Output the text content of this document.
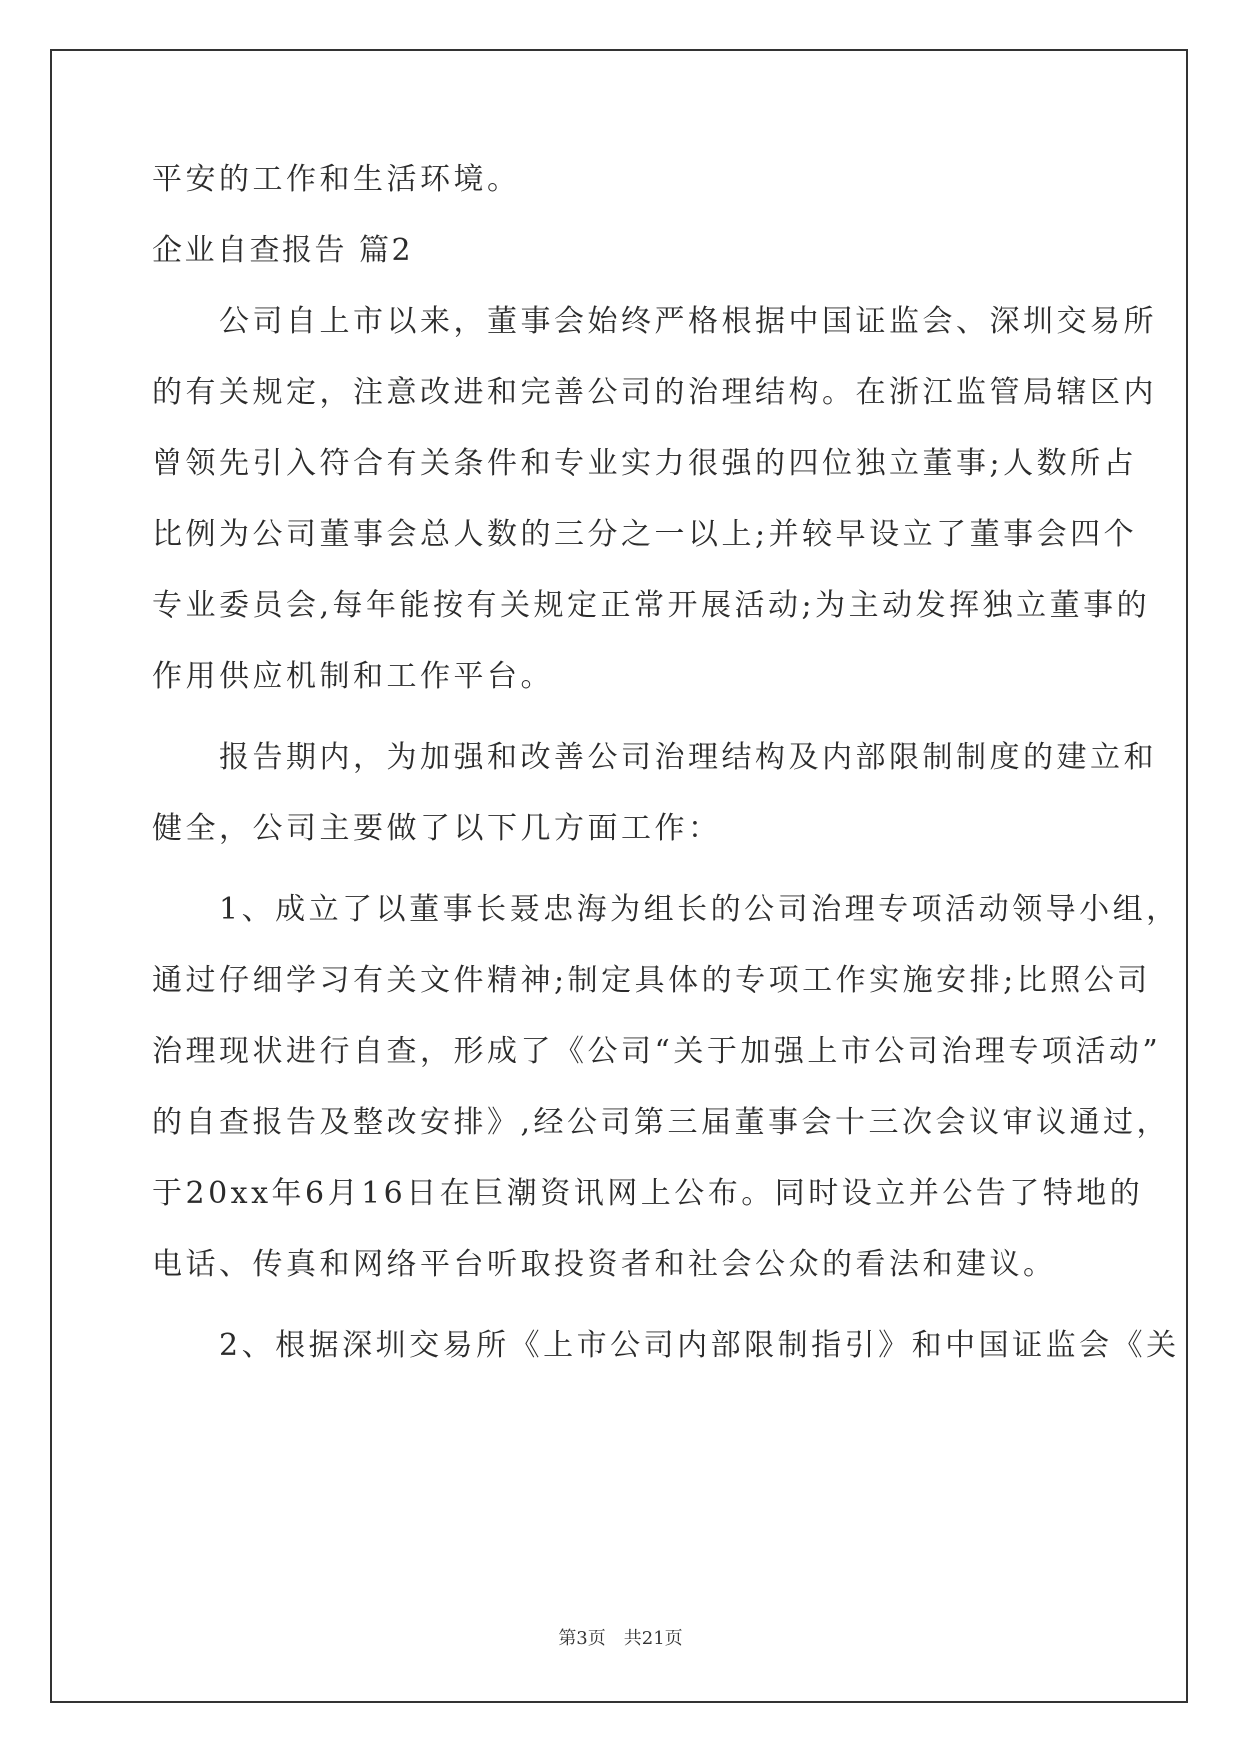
平安的工作和生活环境。
企业自查报告 篇2
　　公司自上市以来，董事会始终严格根据中国证监会、深圳交易所
的有关规定，注意改进和完善公司的治理结构。在浙江监管局辖区内
曾领先引入符合有关条件和专业实力很强的四位独立董事;人数所占
比例为公司董事会总人数的三分之一以上;并较早设立了董事会四个
专业委员会,每年能按有关规定正常开展活动;为主动发挥独立董事的
作用供应机制和工作平台。
　　报告期内，为加强和改善公司治理结构及内部限制制度的建立和
健全，公司主要做了以下几方面工作：
　　1、成立了以董事长聂忠海为组长的公司治理专项活动领导小组，
通过仔细学习有关文件精神;制定具体的专项工作实施安排;比照公司
治理现状进行自查，形成了《公司“关于加强上市公司治理专项活动”
的自查报告及整改安排》,经公司第三届董事会十三次会议审议通过，
于20xx年6月16日在巨潮资讯网上公布。同时设立并公告了特地的
电话、传真和网络平台听取投资者和社会公众的看法和建议。
　　2、根据深圳交易所《上市公司内部限制指引》和中国证监会《关
第3页 共21页
